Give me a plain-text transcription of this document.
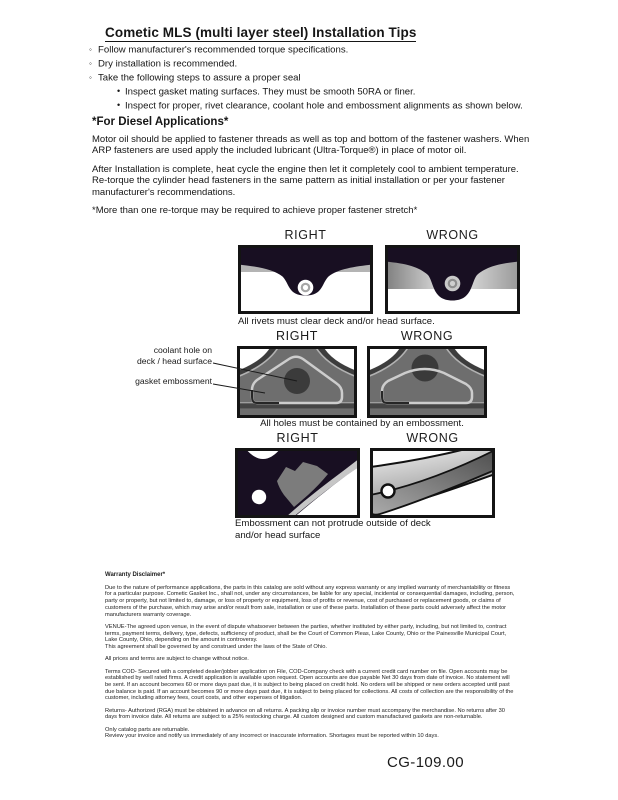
Cometic MLS (multi layer steel) Installation Tips
◦ Follow manufacturer's recommended torque specifications.
◦ Dry installation is recommended.
◦ Take the following steps to assure a proper seal
• Inspect gasket mating surfaces. They must be smooth 50RA or finer.
• Inspect for proper, rivet clearance, coolant hole and embossment alignments as shown below.
*For Diesel Applications*
Motor oil should be applied to fastener threads as well as top and bottom of the fastener washers. When ARP fasteners are used apply the included lubricant (Ultra-Torque®) in place of motor oil.
After Installation is complete, heat cycle the engine then let it completely cool to ambient temperature. Re-torque the cylinder head fasteners in the same pattern as initial installation or per your fastener manufacturer's recommendations.
*More than one re-torque may be required to achieve proper fastener stretch*
RIGHT	WRONG
All rivets must clear deck and/or head surface.
RIGHT	WRONG
coolant hole on
deck / head surface
gasket embossment
All holes must be contained by an embossment.
RIGHT	WRONG
Embossment can not protrude outside of deck and/or head surface
Warranty Disclaimer*

Due to the nature of performance applications, the parts in this catalog are sold without any express warranty or any implied warranty of merchantability or fitness for a particular purpose. Cometic Gasket Inc., shall not, under any circumstances, be liable for any special, incidental or consequential damages, including, person, party or property, but not limited to, damage, or loss of property or equipment, loss of profits or revenue, cost of purchased or replacement goods, or claims of customers of the purchase, which may arise and/or result from sale, installation or use of these parts. Installation of these parts could adversely affect the motor manufacturers warranty coverage.

VENUE-The agreed upon venue, in the event of dispute whatsoever between the parties, whether instituted by either party, including, but not limited to, contract terms, payment terms, delivery, type, defects, sufficiency of product, shall be the Court of Common Pleas, Lake County, Ohio or the Painesville Municipal Court, Lake County, Ohio, depending on the amount in controversy.
This agreement shall be governed by and construed under the laws of the State of Ohio.

All prices and terms are subject to change without notice.

Terms COD- Secured with a completed dealer/jobber application on File, COD-Company check with a current credit card number on file. Open accounts may be established by well rated firms. A credit application is available upon request. Open accounts are due payable Net 30 days from date of invoice. No statement will be sent. If an account becomes 60 or more days past due, it is subject to being placed on credit hold. No orders will be shipped or new orders accepted until past due balance is paid. If an account becomes 90 or more days past due, it is subject to being placed for collections. All costs of collection are the responsibility of the customer, including attorney fees, court costs, and other expenses of litigation.

Returns- Authorized (RGA) must be obtained in advance on all returns. A packing slip or invoice number must accompany the merchandise. No returns after 30 days from invoice date. All returns are subject to a 25% restocking charge. All custom designed and custom manufactured gaskets are non-returnable.

Only catalog parts are returnable.
Review your invoice and notify us immediately of any incorrect or inaccurate information. Shortages must be reported within 10 days.

CG-109.00
